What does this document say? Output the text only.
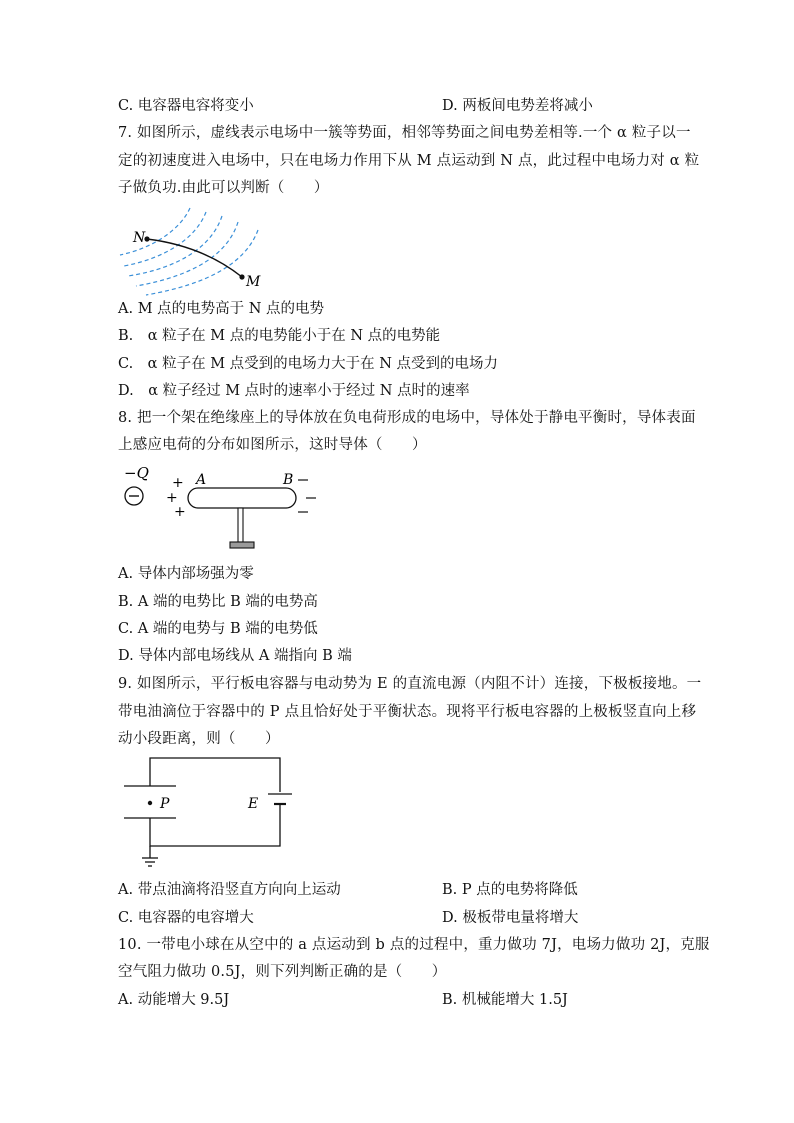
C. 电容器电容将变小	D. 两板间电势差将减小
7. 如图所示，虚线表示电场中一簇等势面，相邻等势面之间电势差相等.一个 α 粒子以一
定的初速度进入电场中，只在电场力作用下从 M 点运动到 N 点，此过程中电场力对 α 粒
子做负功.由此可以判断（　　）
N
M
A. M 点的电势高于 N 点的电势
B.　α 粒子在 M 点的电势能小于在 N 点的电势能
C.　α 粒子在 M 点受到的电场力大于在 N 点受到的电场力
D.　α 粒子经过 M 点时的速率小于经过 N 点时的速率
8. 把一个架在绝缘座上的导体放在负电荷形成的电场中，导体处于静电平衡时，导体表面
上感应电荷的分布如图所示，这时导体（　　）
−Q
+
+
+
A	B
A. 导体内部场强为零
B. A 端的电势比 B 端的电势高
C. A 端的电势与 B 端的电势低
D. 导体内部电场线从 A 端指向 B 端
9. 如图所示，平行板电容器与电动势为 E 的直流电源（内阻不计）连接，下极板接地。一
带电油滴位于容器中的 P 点且恰好处于平衡状态。现将平行板电容器的上极板竖直向上移
动小段距离，则（　　）
P	E
A. 带点油滴将沿竖直方向向上运动	B. P 点的电势将降低
C. 电容器的电容增大	D. 极板带电量将增大
10. 一带电小球在从空中的 a 点运动到 b 点的过程中，重力做功 7J，电场力做功 2J，克服
空气阻力做功 0.5J，则下列判断正确的是（　　）
A. 动能增大 9.5J	B. 机械能增大 1.5J
